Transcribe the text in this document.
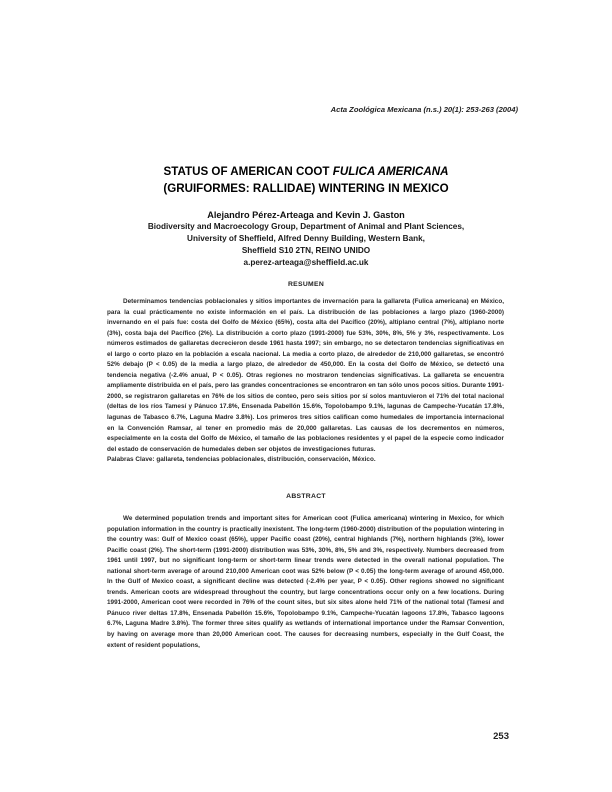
Acta Zoológica Mexicana (n.s.) 20(1): 253-263 (2004)
STATUS OF AMERICAN COOT FULICA AMERICANA
(GRUIFORMES: RALLIDAE) WINTERING IN MEXICO
Alejandro Pérez-Arteaga and Kevin J. Gaston
Biodiversity and Macroecology Group, Department of Animal and Plant Sciences,
University of Sheffield, Alfred Denny Building, Western Bank,
Sheffield S10 2TN, REINO UNIDO
a.perez-arteaga@sheffield.ac.uk
RESUMEN

Determinamos tendencias poblacionales y sitios importantes de invernación para la gallareta (Fulica americana) en México, para la cual prácticamente no existe información en el país. La distribución de las poblaciones a largo plazo (1960-2000) invernando en el país fue: costa del Golfo de México (65%), costa alta del Pacífico (20%), altiplano central (7%), altiplano norte (3%), costa baja del Pacífico (2%). La distribución a corto plazo (1991-2000) fue 53%, 30%, 8%, 5% y 3%, respectivamente. Los números estimados de gallaretas decrecieron desde 1961 hasta 1997; sin embargo, no se detectaron tendencias significativas en el largo o corto plazo en la población a escala nacional. La media a corto plazo, de alrededor de 210,000 gallaretas, se encontró 52% debajo (P < 0.05) de la media a largo plazo, de alrededor de 450,000. En la costa del Golfo de México, se detectó una tendencia negativa (-2.4% anual, P < 0.05). Otras regiones no mostraron tendencias significativas. La gallareta se encuentra ampliamente distribuida en el país, pero las grandes concentraciones se encontraron en tan sólo unos pocos sitios. Durante 1991-2000, se registraron gallaretas en 76% de los sitios de conteo, pero seis sitios por sí solos mantuvieron el 71% del total nacional (deltas de los ríos Tamesí y Pánuco 17.8%, Ensenada Pabellón 15.6%, Topolobampo 9.1%, lagunas de Campeche-Yucatán 17.8%, lagunas de Tabasco 6.7%, Laguna Madre 3.8%). Los primeros tres sitios califican como humedales de importancia internacional en la Convención Ramsar, al tener en promedio más de 20,000 gallaretas. Las causas de los decrementos en números, especialmente en la costa del Golfo de México, el tamaño de las poblaciones residentes y el papel de la especie como indicador del estado de conservación de humedales deben ser objetos de investigaciones futuras.

Palabras Clave: gallareta, tendencias poblacionales, distribución, conservación, México.

ABSTRACT

We determined population trends and important sites for American coot (Fulica americana) wintering in Mexico, for which population information in the country is practically inexistent. The long-term (1960-2000) distribution of the population wintering in the country was: Gulf of Mexico coast (65%), upper Pacific coast (20%), central highlands (7%), northern highlands (3%), lower Pacific coast (2%). The short-term (1991-2000) distribution was 53%, 30%, 8%, 5% and 3%, respectively. Numbers decreased from 1961 until 1997, but no significant long-term or short-term linear trends were detected in the overall national population. The national short-term average of around 210,000 American coot was 52% below (P < 0.05) the long-term average of around 450,000. In the Gulf of Mexico coast, a significant decline was detected (-2.4% per year, P < 0.05). Other regions showed no significant trends. American coots are widespread throughout the country, but large concentrations occur only on a few locations. During 1991-2000, American coot were recorded in 76% of the count sites, but six sites alone held 71% of the national total (Tamesí and Pánuco river deltas 17.8%, Ensenada Pabellón 15.6%, Topolobampo 9.1%, Campeche-Yucatán lagoons 17.8%, Tabasco lagoons 6.7%, Laguna Madre 3.8%). The former three sites qualify as wetlands of international importance under the Ramsar Convention, by having on average more than 20,000 American coot. The causes for decreasing numbers, especially in the Gulf Coast, the extent of resident populations,

253
